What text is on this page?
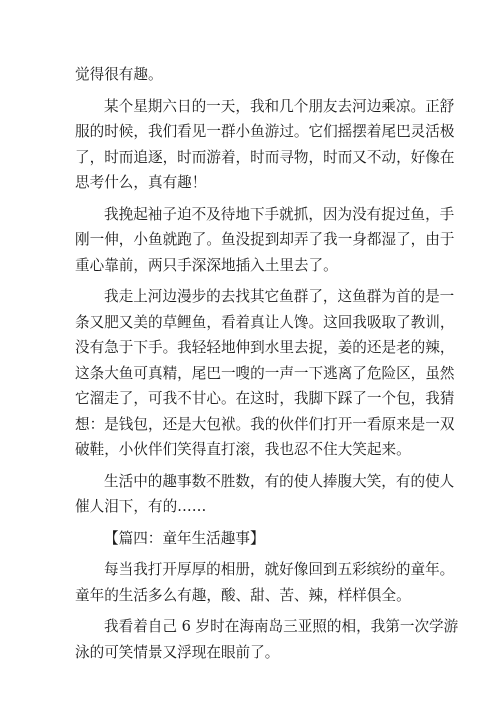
觉得很有趣。
某个星期六日的一天，我和几个朋友去河边乘凉。正舒
服的时候，我们看见一群小鱼游过。它们摇摆着尾巴灵活极
了，时而追逐，时而游着，时而寻物，时而又不动，好像在
思考什么，真有趣！
我挽起袖子迫不及待地下手就抓，因为没有捉过鱼，手
刚一伸，小鱼就跑了。鱼没捉到却弄了我一身都湿了，由于
重心靠前，两只手深深地插入土里去了。
我走上河边漫步的去找其它鱼群了，这鱼群为首的是一
条又肥又美的草鲤鱼，看着真让人馋。这回我吸取了教训，
没有急于下手。我轻轻地伸到水里去捉，姜的还是老的辣，
这条大鱼可真精，尾巴一嗖的一声一下逃离了危险区，虽然
它溜走了，可我不甘心。在这时，我脚下踩了一个包，我猜
想：是钱包，还是大包袱。我的伙伴们打开一看原来是一双
破鞋，小伙伴们笑得直打滚，我也忍不住大笑起来。
生活中的趣事数不胜数，有的使人捧腹大笑，有的使人
催人泪下，有的……
【篇四：童年生活趣事】
每当我打开厚厚的相册，就好像回到五彩缤纷的童年。
童年的生活多么有趣，酸、甜、苦、辣，样样俱全。
我看着自己 6 岁时在海南岛三亚照的相，我第一次学游
泳的可笑情景又浮现在眼前了。
